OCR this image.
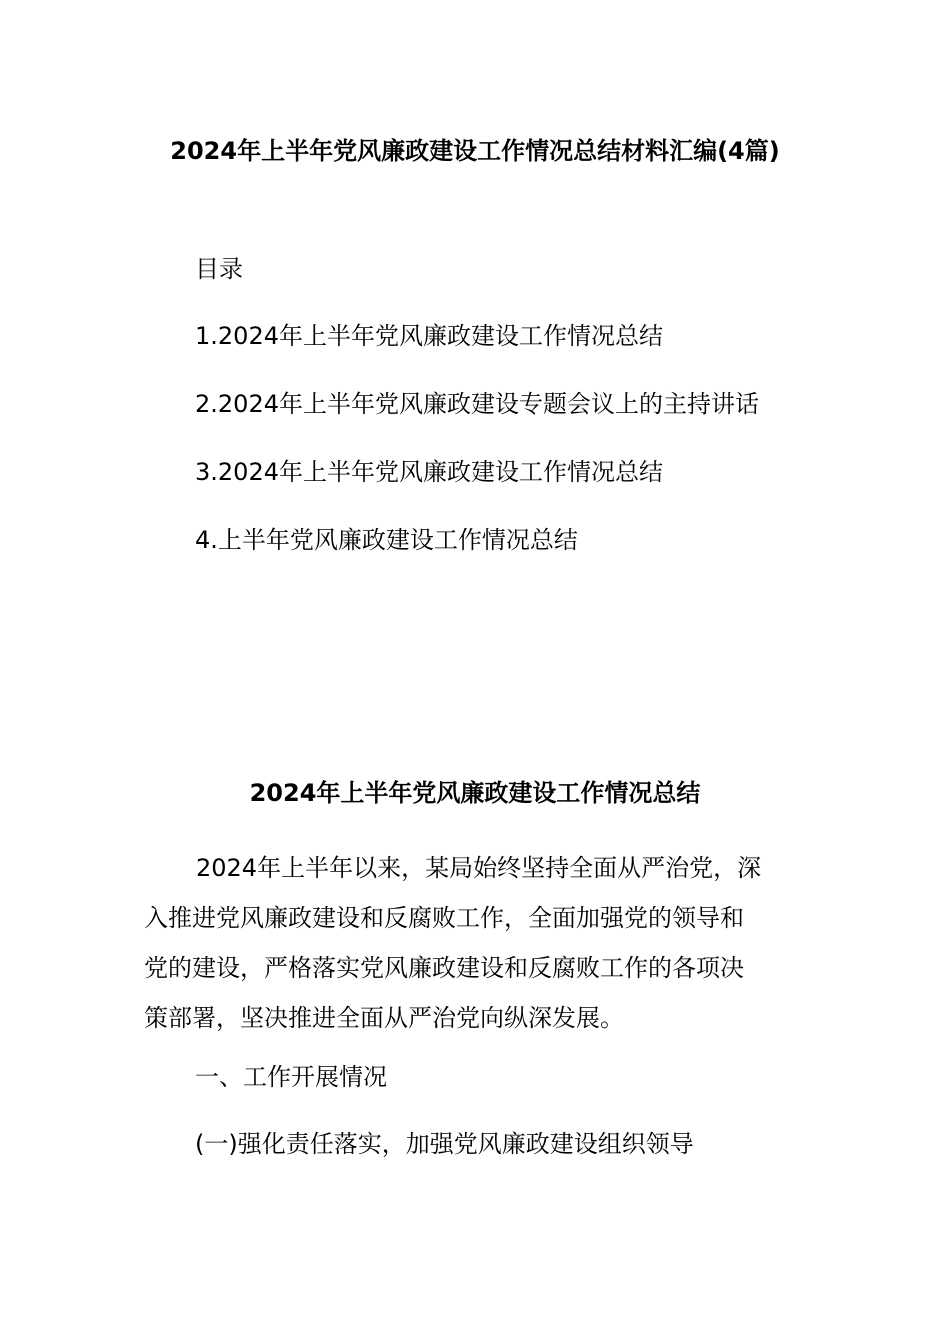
2024年上半年党风廉政建设工作情况总结材料汇编(4篇)
目录
1.2024年上半年党风廉政建设工作情况总结
2.2024年上半年党风廉政建设专题会议上的主持讲话
3.2024年上半年党风廉政建设工作情况总结
4.上半年党风廉政建设工作情况总结
2024年上半年党风廉政建设工作情况总结
2024年上半年以来，某局始终坚持全面从严治党，深
入推进党风廉政建设和反腐败工作，全面加强党的领导和
党的建设，严格落实党风廉政建设和反腐败工作的各项决
策部署，坚决推进全面从严治党向纵深发展。
一、工作开展情况
(一)强化责任落实，加强党风廉政建设组织领导
